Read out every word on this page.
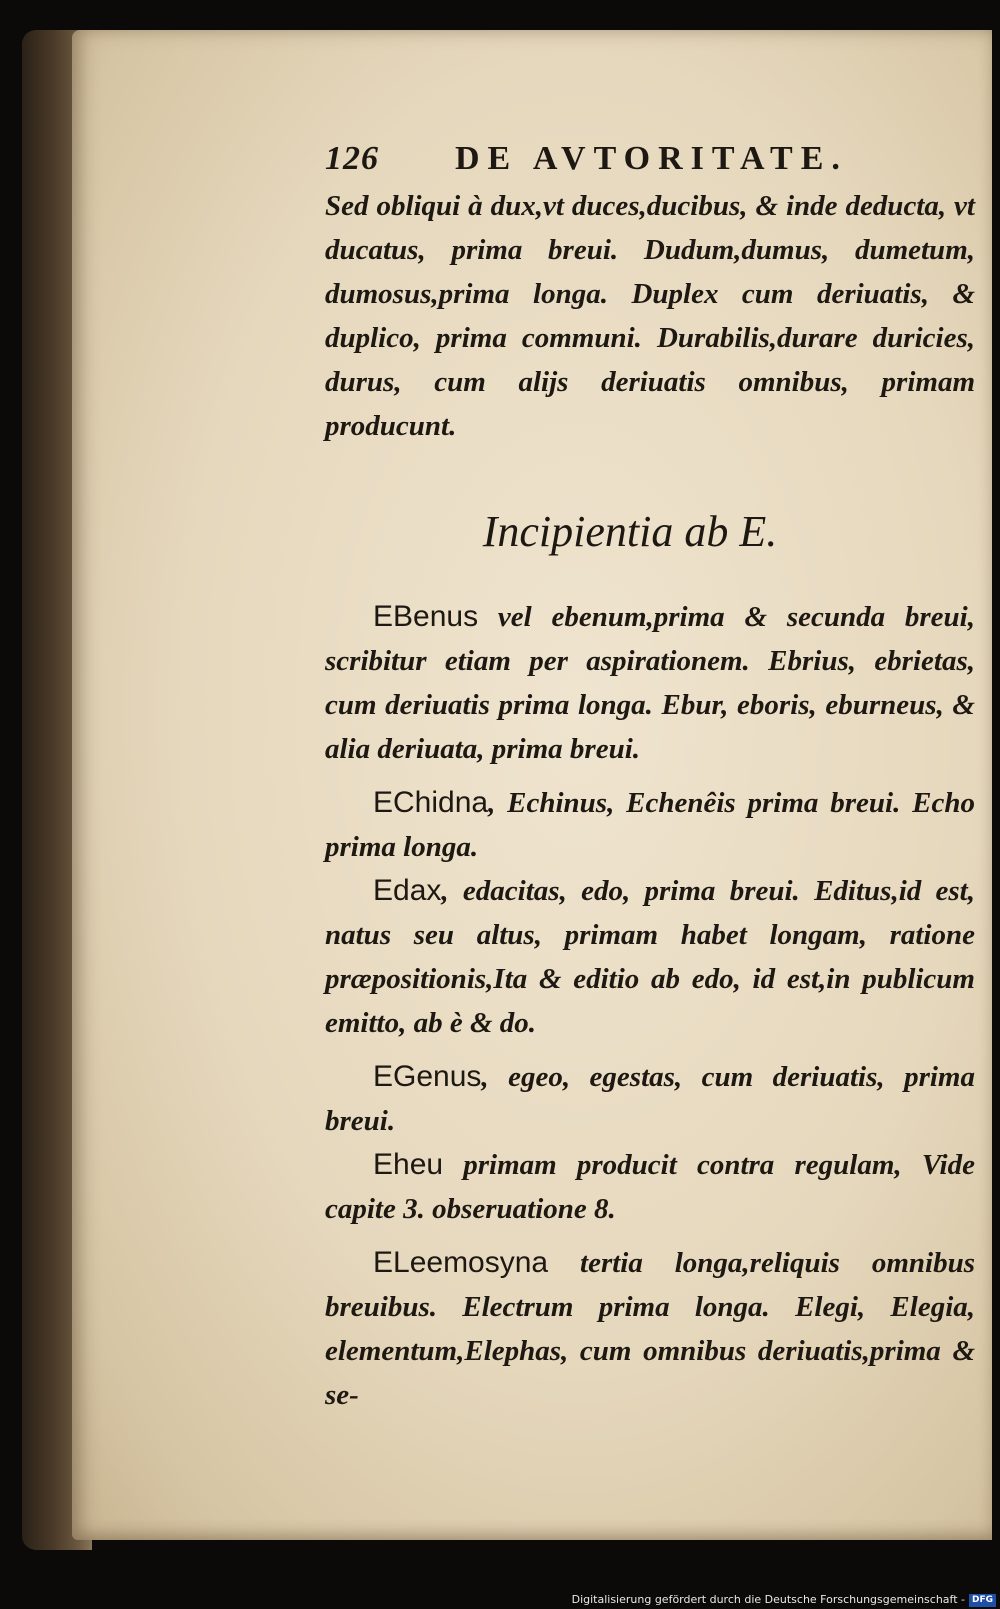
126	DE AVTORITATE.

Sed obliqui à dux,vt duces,ducibus, & inde deducta, vt ducatus, prima breui. Dudum,dumus, dumetum, dumosus,prima longa. Duplex cum deriuatis, & duplico, prima communi. Durabilis,durare duricies, durus, cum alijs deriuatis omnibus, primam producunt.

Incipientia ab E.

EBenus vel ebenum,prima & secunda breui, scribitur etiam per aspirationem. Ebrius, ebrietas, cum deriuatis prima longa. Ebur, eboris, eburneus, & alia deriuata, prima breui.

EChidna, Echinus, Echenêis prima breui. Echo prima longa.

Edax, edacitas, edo, prima breui. Editus,id est, natus seu altus, primam habet longam, ratione præpositionis,Ita & editio ab edo, id est,in publicum emitto, ab è & do.

EGenus, egeo, egestas, cum deriuatis, prima breui.

Eheu primam producit contra regulam, Vide capite 3. obseruatione 8.

ELeemosyna tertia longa,reliquis omnibus breuibus. Electrum prima longa. Elegi, Elegia, elementum,Elephas, cum omnibus deriuatis,prima & se-

Digitalisierung gefördert durch die Deutsche Forschungsgemeinschaft - DFG
